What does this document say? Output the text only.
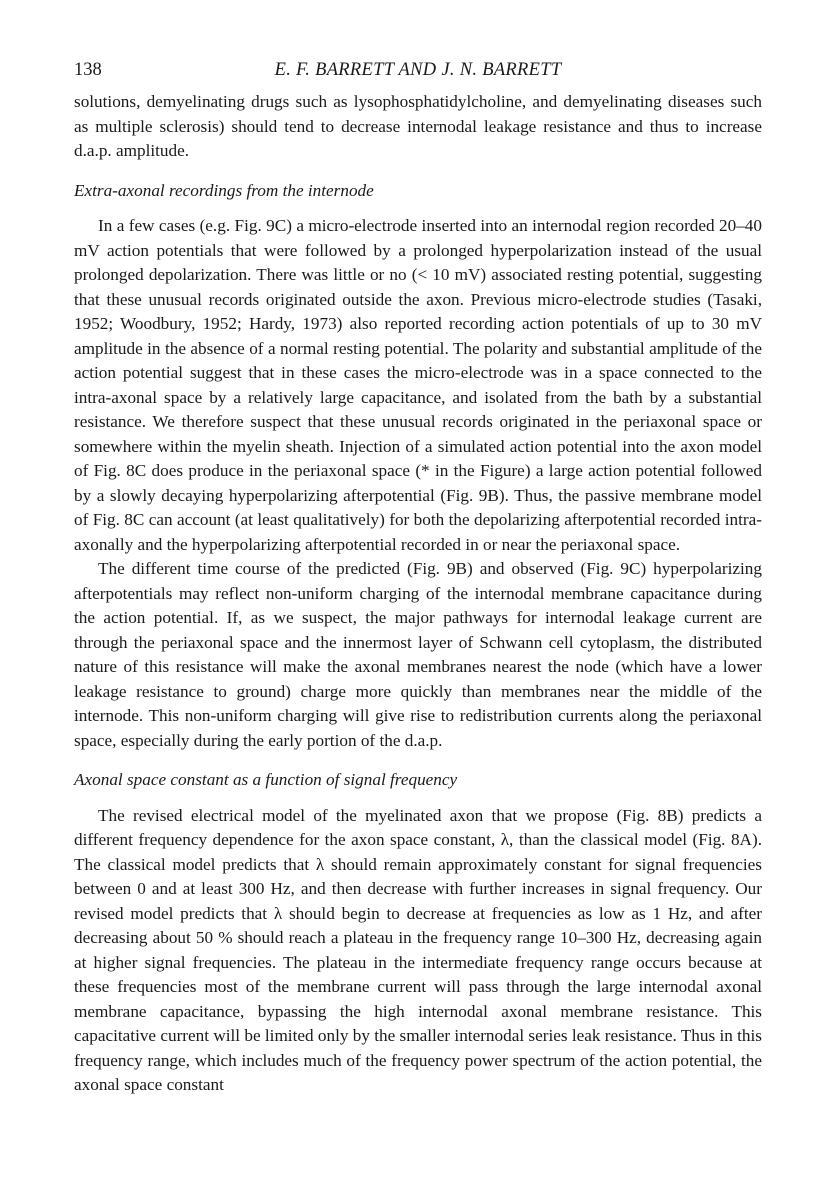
138	E. F. BARRETT AND J. N. BARRETT

solutions, demyelinating drugs such as lysophosphatidylcholine, and demyelinating diseases such as multiple sclerosis) should tend to decrease internodal leakage resistance and thus to increase d.a.p. amplitude.

Extra-axonal recordings from the internode

In a few cases (e.g. Fig. 9C) a micro-electrode inserted into an internodal region recorded 20–40 mV action potentials that were followed by a prolonged hyperpolarization instead of the usual prolonged depolarization. There was little or no (< 10 mV) associated resting potential, suggesting that these unusual records originated outside the axon. Previous micro-electrode studies (Tasaki, 1952; Woodbury, 1952; Hardy, 1973) also reported recording action potentials of up to 30 mV amplitude in the absence of a normal resting potential. The polarity and substantial amplitude of the action potential suggest that in these cases the micro-electrode was in a space connected to the intra-axonal space by a relatively large capacitance, and isolated from the bath by a substantial resistance. We therefore suspect that these unusual records originated in the periaxonal space or somewhere within the myelin sheath. Injection of a simulated action potential into the axon model of Fig. 8C does produce in the periaxonal space (* in the Figure) a large action potential followed by a slowly decaying hyperpolarizing afterpotential (Fig. 9B). Thus, the passive membrane model of Fig. 8C can account (at least qualitatively) for both the depolarizing afterpotential recorded intra-axonally and the hyperpolarizing afterpotential recorded in or near the periaxonal space.

The different time course of the predicted (Fig. 9B) and observed (Fig. 9C) hyperpolarizing afterpotentials may reflect non-uniform charging of the internodal membrane capacitance during the action potential. If, as we suspect, the major pathways for internodal leakage current are through the periaxonal space and the innermost layer of Schwann cell cytoplasm, the distributed nature of this resistance will make the axonal membranes nearest the node (which have a lower leakage resistance to ground) charge more quickly than membranes near the middle of the internode. This non-uniform charging will give rise to redistribution currents along the periaxonal space, especially during the early portion of the d.a.p.

Axonal space constant as a function of signal frequency

The revised electrical model of the myelinated axon that we propose (Fig. 8B) predicts a different frequency dependence for the axon space constant, λ, than the classical model (Fig. 8A). The classical model predicts that λ should remain approximately constant for signal frequencies between 0 and at least 300 Hz, and then decrease with further increases in signal frequency. Our revised model predicts that λ should begin to decrease at frequencies as low as 1 Hz, and after decreasing about 50 % should reach a plateau in the frequency range 10–300 Hz, decreasing again at higher signal frequencies. The plateau in the intermediate frequency range occurs because at these frequencies most of the membrane current will pass through the large internodal axonal membrane capacitance, bypassing the high internodal axonal membrane resistance. This capacitative current will be limited only by the smaller internodal series leak resistance. Thus in this frequency range, which includes much of the frequency power spectrum of the action potential, the axonal space constant
